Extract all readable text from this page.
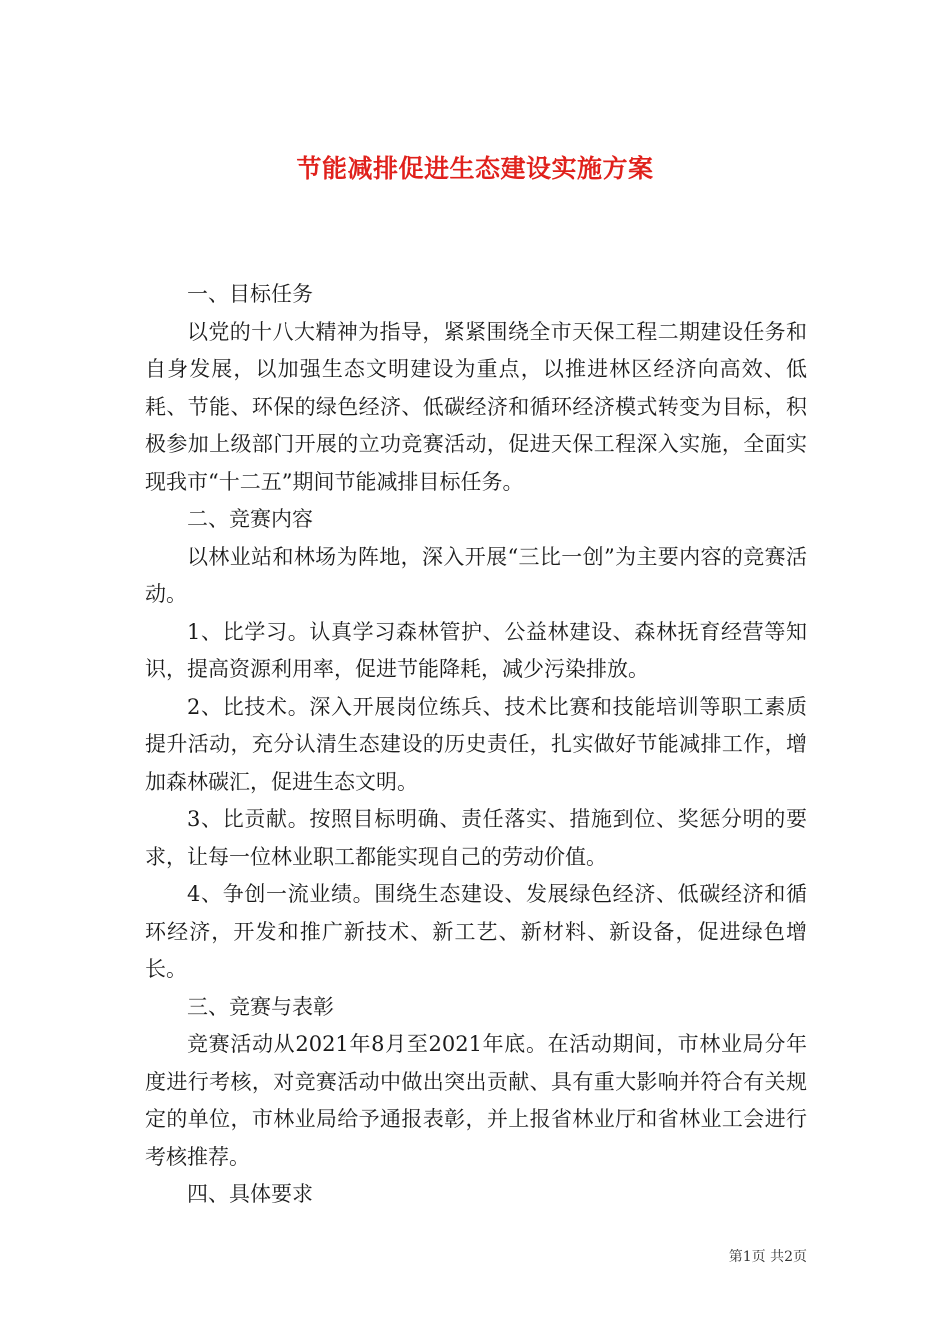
节能减排促进生态建设实施方案

一、目标任务

以党的十八大精神为指导，紧紧围绕全市天保工程二期建设任务和自身发展，以加强生态文明建设为重点，以推进林区经济向高效、低耗、节能、环保的绿色经济、低碳经济和循环经济模式转变为目标，积极参加上级部门开展的立功竞赛活动，促进天保工程深入实施，全面实现我市“十二五”期间节能减排目标任务。

二、竞赛内容

以林业站和林场为阵地，深入开展“三比一创”为主要内容的竞赛活动。

1、比学习。认真学习森林管护、公益林建设、森林抚育经营等知识，提高资源利用率，促进节能降耗，减少污染排放。

2、比技术。深入开展岗位练兵、技术比赛和技能培训等职工素质提升活动，充分认清生态建设的历史责任，扎实做好节能减排工作，增加森林碳汇，促进生态文明。

3、比贡献。按照目标明确、责任落实、措施到位、奖惩分明的要求，让每一位林业职工都能实现自己的劳动价值。

4、争创一流业绩。围绕生态建设、发展绿色经济、低碳经济和循环经济，开发和推广新技术、新工艺、新材料、新设备，促进绿色增长。

三、竞赛与表彰

竞赛活动从2021年8月至2021年底。在活动期间，市林业局分年度进行考核，对竞赛活动中做出突出贡献、具有重大影响并符合有关规定的单位，市林业局给予通报表彰，并上报省林业厅和省林业工会进行考核推荐。

四、具体要求

第1页 共2页
